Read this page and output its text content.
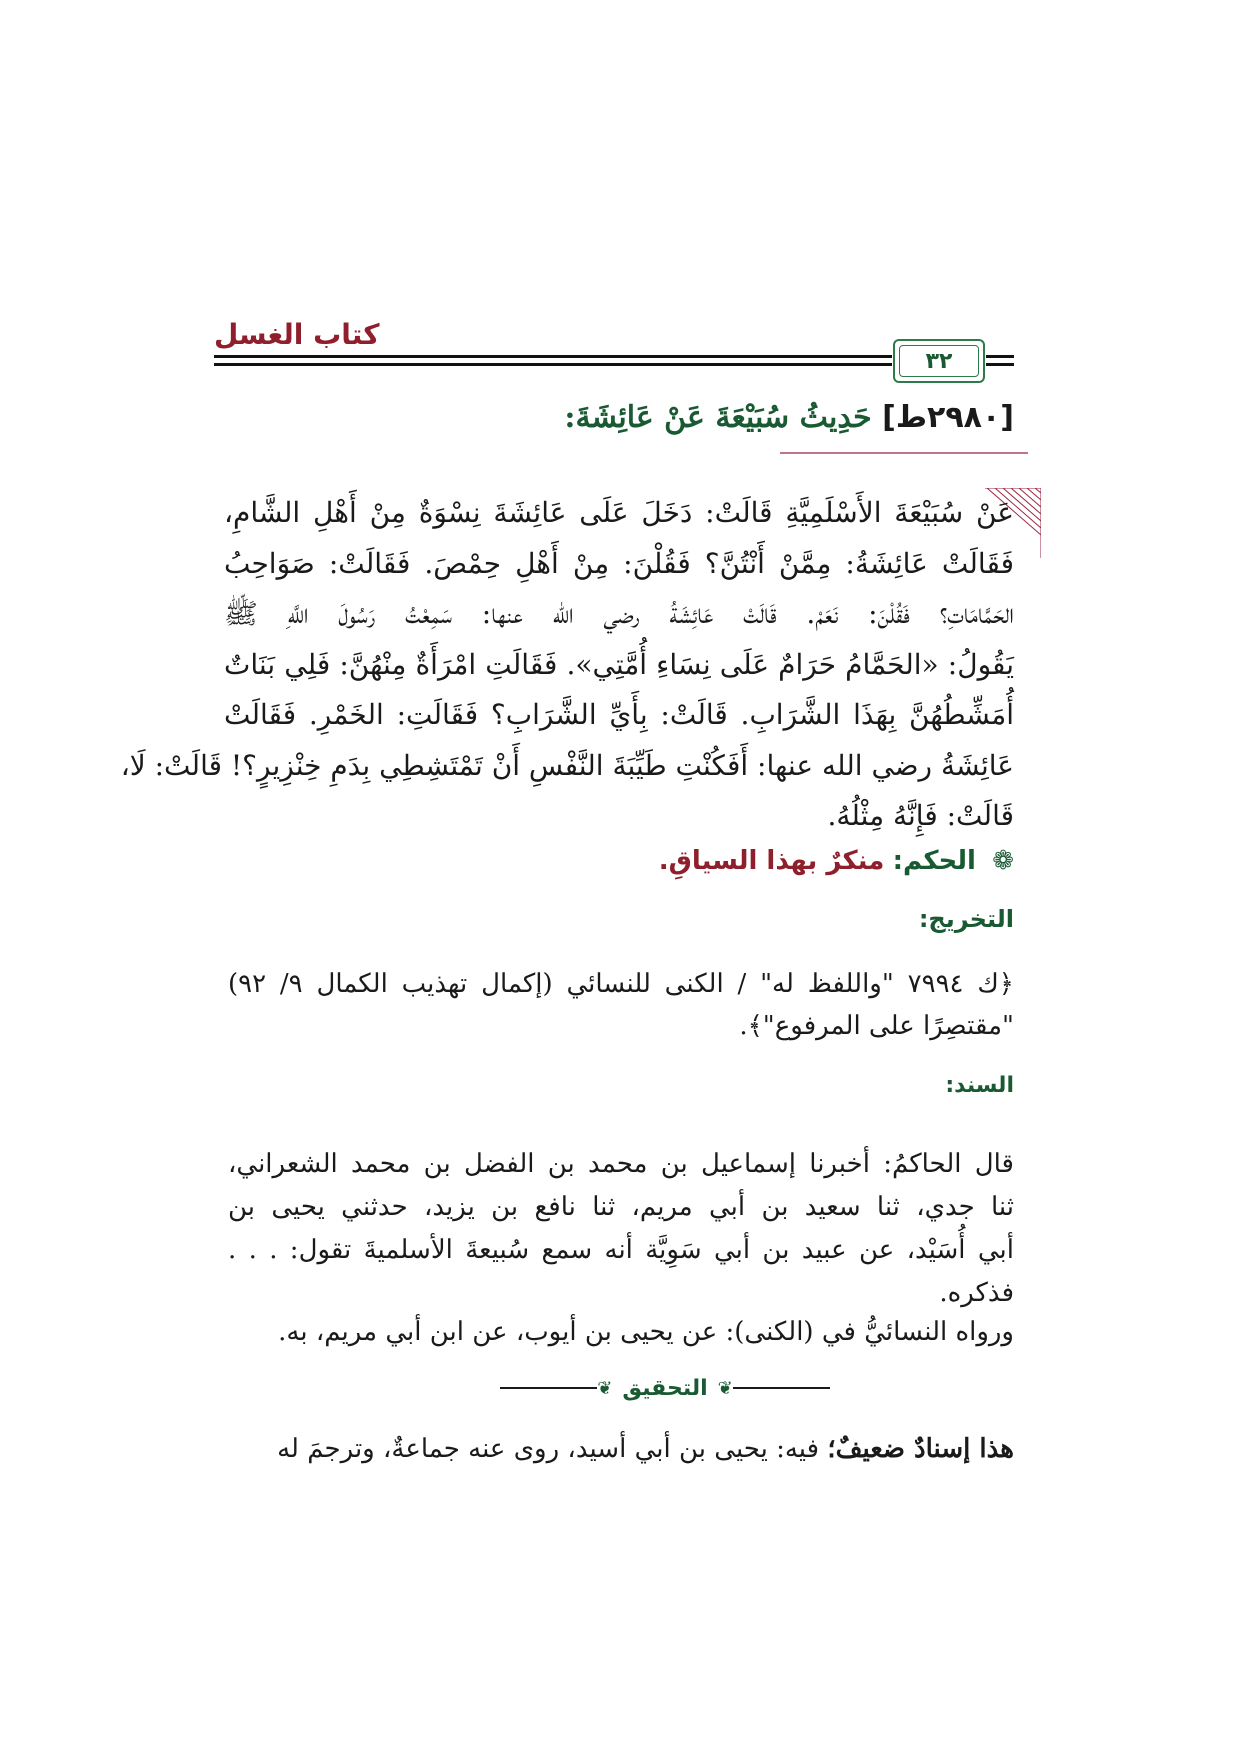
كتاب الغسل
٣٢
[٢٩٨٠ط] حَدِيثُ سُبَيْعَةَ عَنْ عَائِشَةَ:
عَنْ سُبَيْعَةَ الأَسْلَمِيَّةِ قَالَتْ: دَخَلَ عَلَى عَائِشَةَ نِسْوَةٌ مِنْ أَهْلِ الشَّامِ،
فَقَالَتْ عَائِشَةُ: مِمَّنْ أَنْتُنَّ؟ فَقُلْنَ: مِنْ أَهْلِ حِمْصَ. فَقَالَتْ: صَوَاحِبُ
الحَمَّامَاتِ؟ فَقُلْنَ: نَعَمْ. قَالَتْ عَائِشَةُ رضي الله عنها: سَمِعْتُ رَسُولَ اللَّهِ ﷺ
يَقُولُ: «الحَمَّامُ حَرَامٌ عَلَى نِسَاءِ أُمَّتِي». فَقَالَتِ امْرَأَةٌ مِنْهُنَّ: فَلِي بَنَاتٌ
أُمَشِّطُهُنَّ بِهَذَا الشَّرَابِ. قَالَتْ: بِأَيِّ الشَّرَابِ؟ فَقَالَتِ: الخَمْرِ. فَقَالَتْ
عَائِشَةُ رضي الله عنها: أَفَكُنْتِ طَيِّبَةَ النَّفْسِ أَنْ تَمْتَشِطِي بِدَمِ خِنْزِيرٍ؟! قَالَتْ: لَا،
قَالَتْ: فَإِنَّهُ مِثْلُهُ.
❁ الحكم: منكرٌ بهذا السياقِ.
التخريج:
﴿ك ٧٩٩٤ "واللفظ له" / الكنى للنسائي (إكمال تهذيب الكمال ٩/ ٩٢)
"مقتصِرًا على المرفوع"﴾.
السند:
قال الحاكمُ: أخبرنا إسماعيل بن محمد بن الفضل بن محمد الشعراني،
ثنا جدي، ثنا سعيد بن أبي مريم، ثنا نافع بن يزيد، حدثني يحيى بن
أبي أُسَيْد، عن عبيد بن أبي سَوِيَّة أنه سمع سُبيعةَ الأسلميةَ تقول: . . .
فذكره.
ورواه النسائيُّ في (الكنى): عن يحيى بن أيوب، عن ابن أبي مريم، به.
❦ التحقيق ❦
هذا إسنادٌ ضعيفٌ؛ فيه: يحيى بن أبي أسيد، روى عنه جماعةٌ، وترجمَ له
